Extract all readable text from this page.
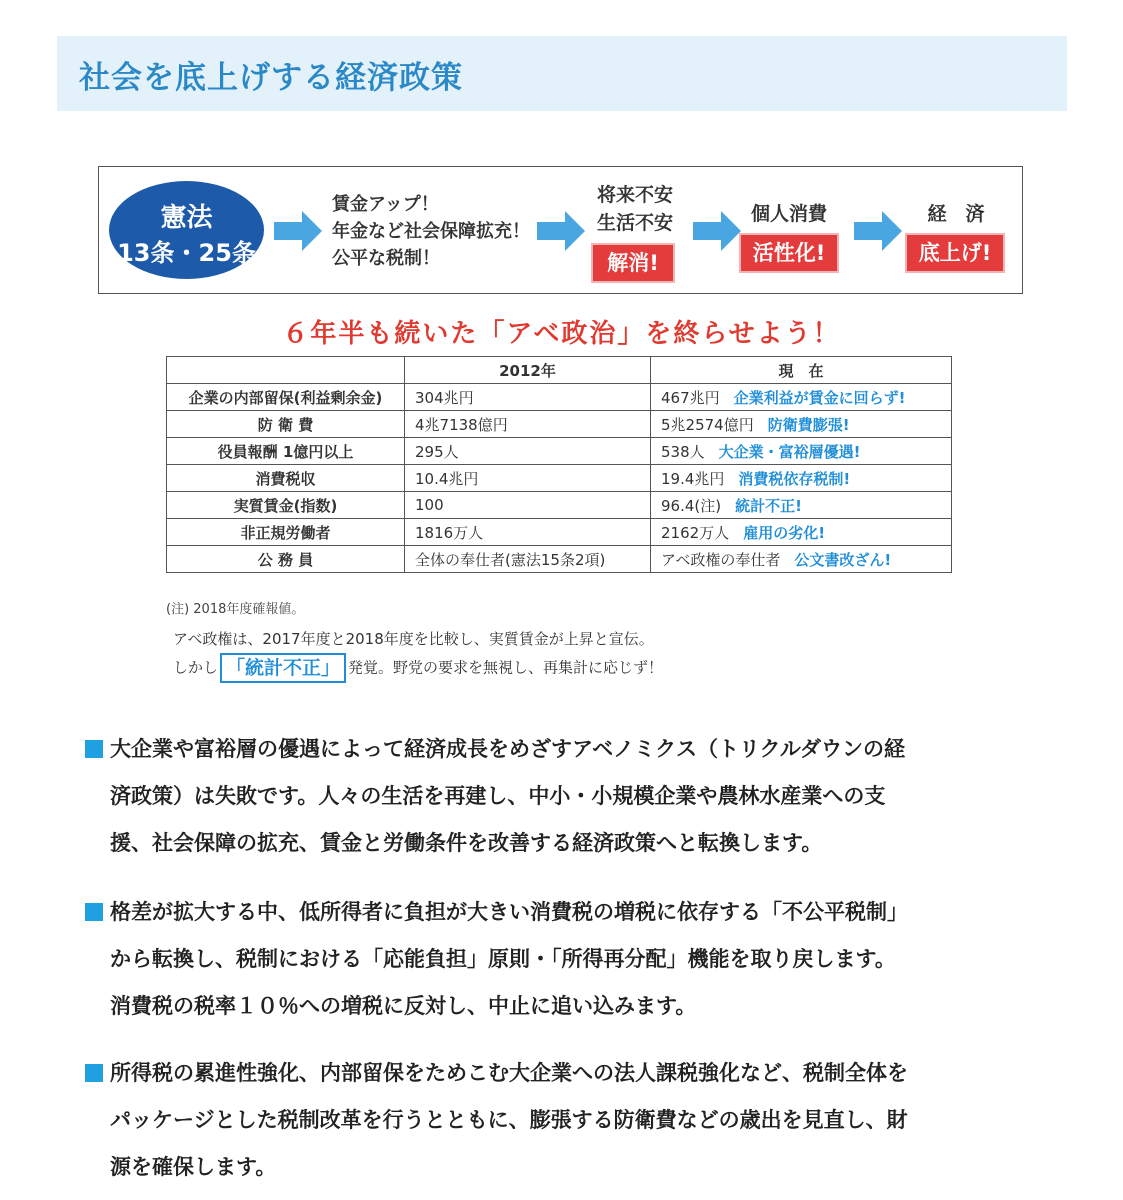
社会を底上げする経済政策
憲法
13条・25条
賃金アップ！
年金など社会保障拡充！
公平な税制！
将来不安
生活不安
解消!
個人消費
活性化!
経　済
底上げ!
６年半も続いた「アベ政治」を終らせよう！
	2012年	現　在
企業の内部留保(利益剰余金)	304兆円	467兆円 企業利益が賃金に回らず!
防 衛 費	4兆7138億円	5兆2574億円 防衛費膨張!
役員報酬 1億円以上	295人	538人 大企業・富裕層優遇!
消費税収	10.4兆円	19.4兆円 消費税依存税制!
実質賃金(指数)	100	96.4(注) 統計不正!
非正規労働者	1816万人	2162万人 雇用の劣化!
公 務 員	全体の奉仕者(憲法15条2項)	アベ政権の奉仕者 公文書改ざん!
(注) 2018年度確報値。
アベ政権は、2017年度と2018年度を比較し、実質賃金が上昇と宣伝。
しかし 「統計不正」 発覚。野党の要求を無視し、再集計に応じず！
大企業や富裕層の優遇によって経済成長をめざすアベノミクス（トリクルダウンの経
済政策）は失敗です。人々の生活を再建し、中小・小規模企業や農林水産業への支
援、社会保障の拡充、賃金と労働条件を改善する経済政策へと転換します。
格差が拡大する中、低所得者に負担が大きい消費税の増税に依存する「不公平税制」
から転換し、税制における「応能負担」原則・「所得再分配」機能を取り戻します。
消費税の税率１０％への増税に反対し、中止に追い込みます。
所得税の累進性強化、内部留保をためこむ大企業への法人課税強化など、税制全体を
パッケージとした税制改革を行うとともに、膨張する防衛費などの歳出を見直し、財
源を確保します。
